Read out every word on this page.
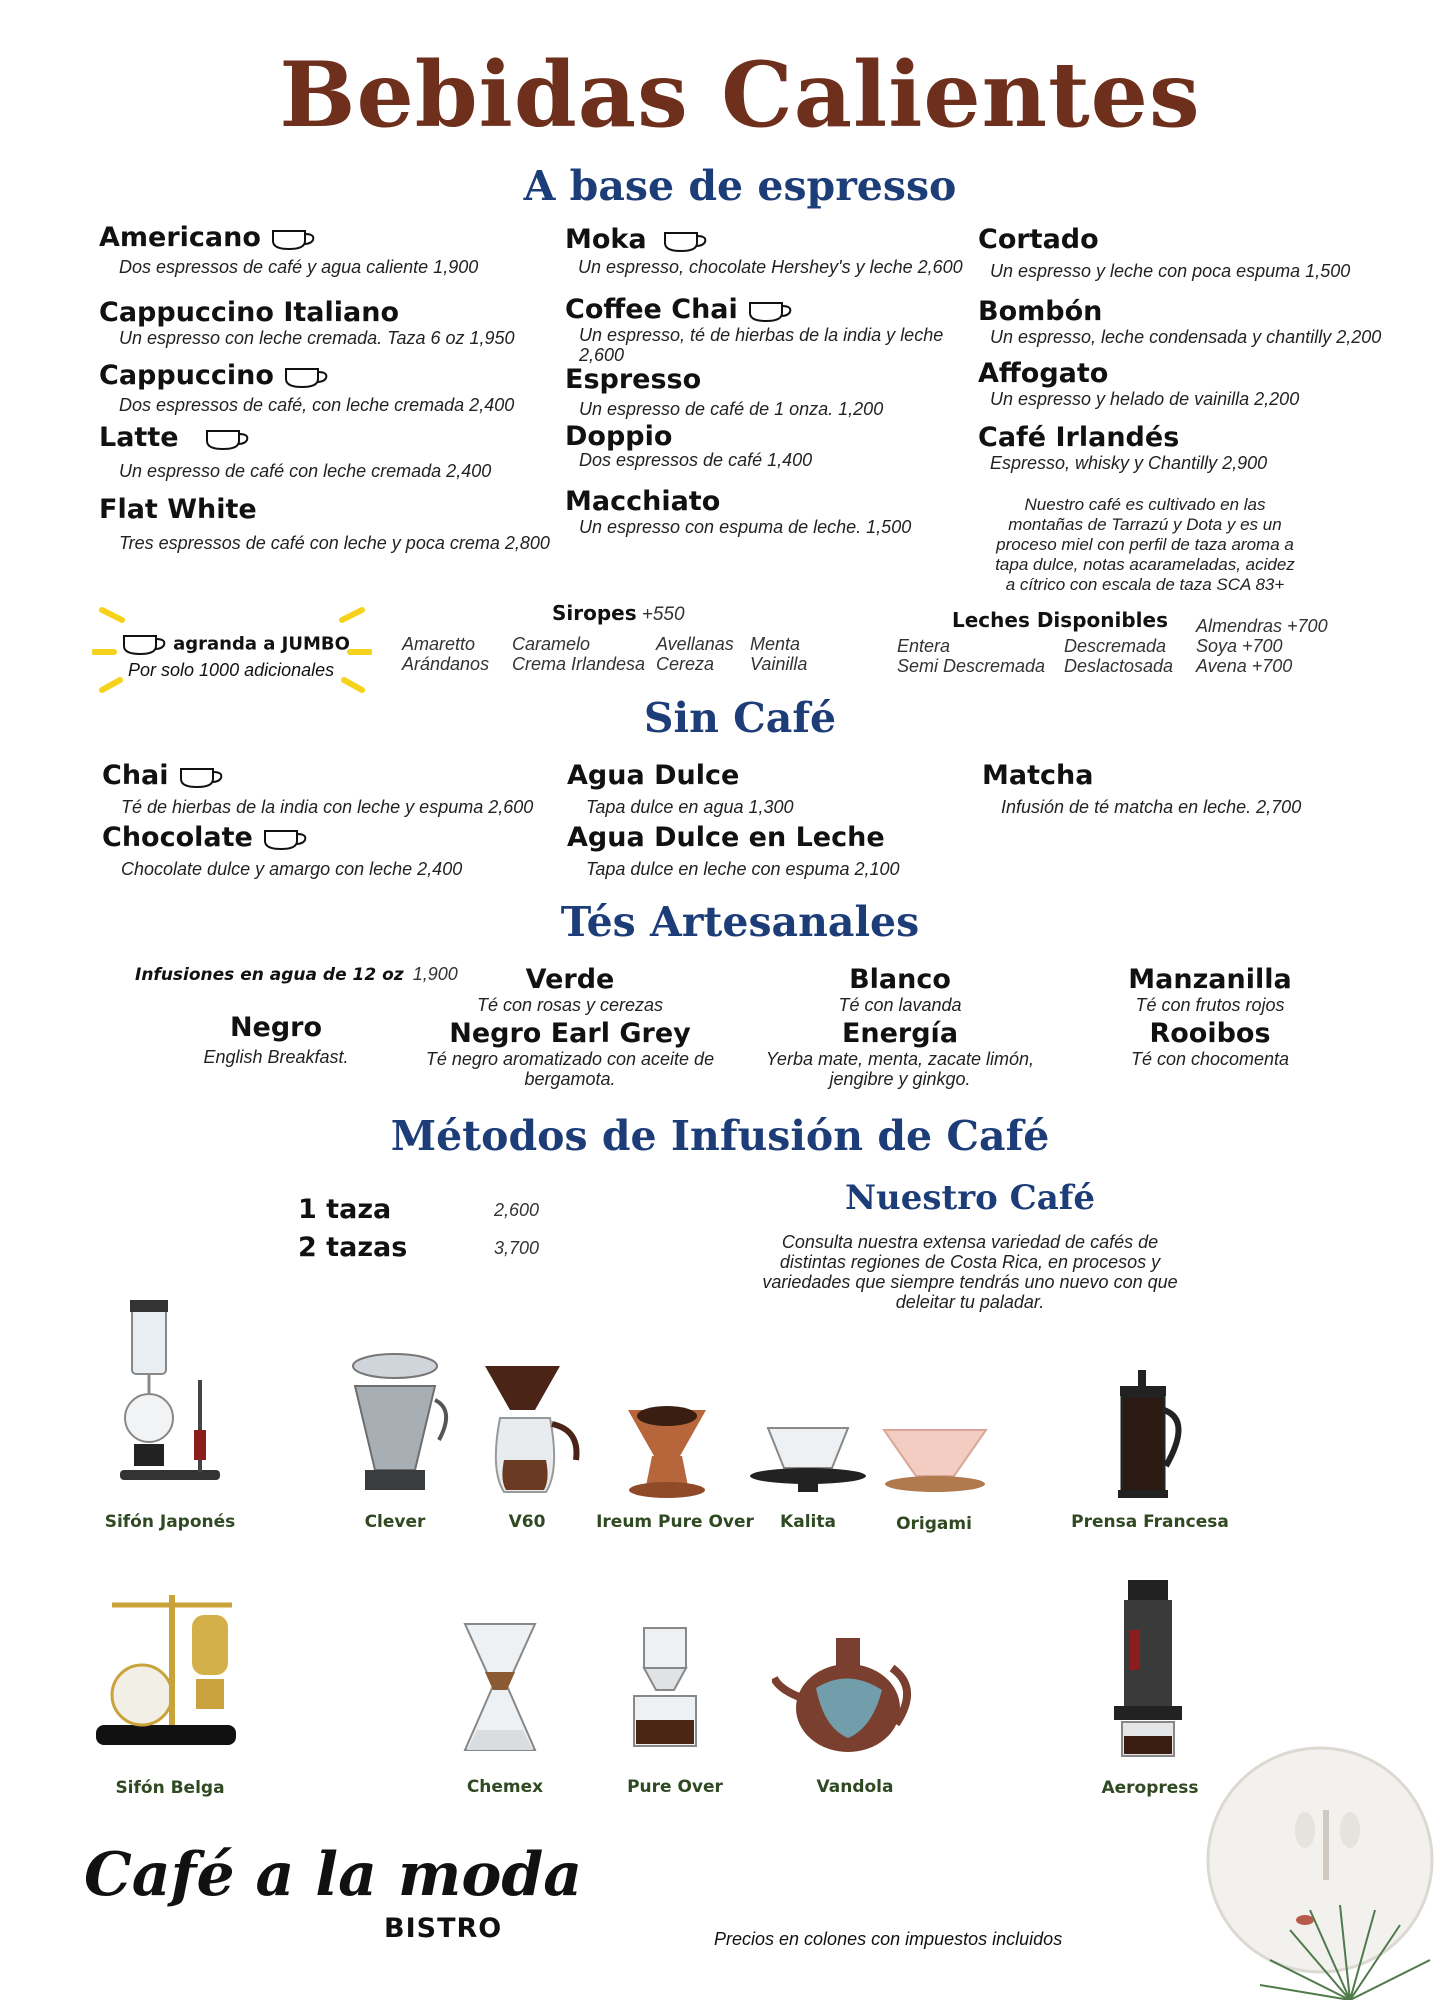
Bebidas Calientes
A base de espresso
Americano
Dos espressos de café y agua caliente 1,900
Cappuccino Italiano
Un espresso con leche cremada. Taza 6 oz 1,950
Cappuccino
Dos espressos de café, con leche cremada 2,400
Latte
Un espresso de café con leche cremada 2,400
Flat White
Tres espressos de café con leche y poca crema 2,800
Moka
Un espresso, chocolate Hershey's y leche 2,600
Coffee Chai
Un espresso, té de hierbas de la india y leche 2,600
Espresso
Un espresso de café de 1 onza. 1,200
Doppio
Dos espressos de café 1,400
Macchiato
Un espresso con espuma de leche. 1,500
Cortado
Un espresso y leche con poca espuma 1,500
Bombón
Un espresso, leche condensada y chantilly 2,200
Affogato
Un espresso y helado de vainilla 2,200
Café Irlandés
Espresso, whisky y Chantilly 2,900
Nuestro café es cultivado en las montañas de Tarrazú y Dota y es un proceso miel con perfil de taza aroma a tapa dulce, notas acarameladas, acidez a cítrico con escala de taza SCA 83+
agranda a JUMBO
Por solo 1000 adicionales
Siropes +550
Amaretto
Arándanos
Caramelo
Crema Irlandesa
Avellanas
Cereza
Menta
Vainilla
Leches Disponibles
Entera
Semi Descremada
Descremada
Deslactosada
Almendras +700
Soya +700
Avena +700
Sin Café
Chai
Té de hierbas de la india con leche y espuma 2,600
Chocolate
Chocolate dulce y amargo con leche 2,400
Agua Dulce
Tapa dulce en agua 1,300
Agua Dulce en Leche
Tapa dulce en leche con espuma 2,100
Matcha
Infusión de té matcha en leche. 2,700
Tés Artesanales
Infusiones en agua de 12 oz 1,900	Verde
Té con rosas y cerezas
Blanco
Té con lavanda
Manzanilla
Té con frutos rojos
Negro
English Breakfast.
Negro Earl Grey
Té negro aromatizado con aceite de bergamota.
Energía
Yerba mate, menta, zacate limón, jengibre y ginkgo.
Rooibos
Té con chocomenta
Métodos de Infusión de Café
1 taza	2,600
2 tazas	3,700
Nuestro Café
Consulta nuestra extensa variedad de cafés de distintas regiones de Costa Rica, en procesos y variedades que siempre tendrás uno nuevo con que deleitar tu paladar.
Sifón Japonés	Clever	V60	Ireum Pure Over	Kalita	Origami	Prensa Francesa
Sifón Belga	Chemex	Pure Over	Vandola	Aeropress
Café a la moda
BISTRO	Precios en colones con impuestos incluidos
